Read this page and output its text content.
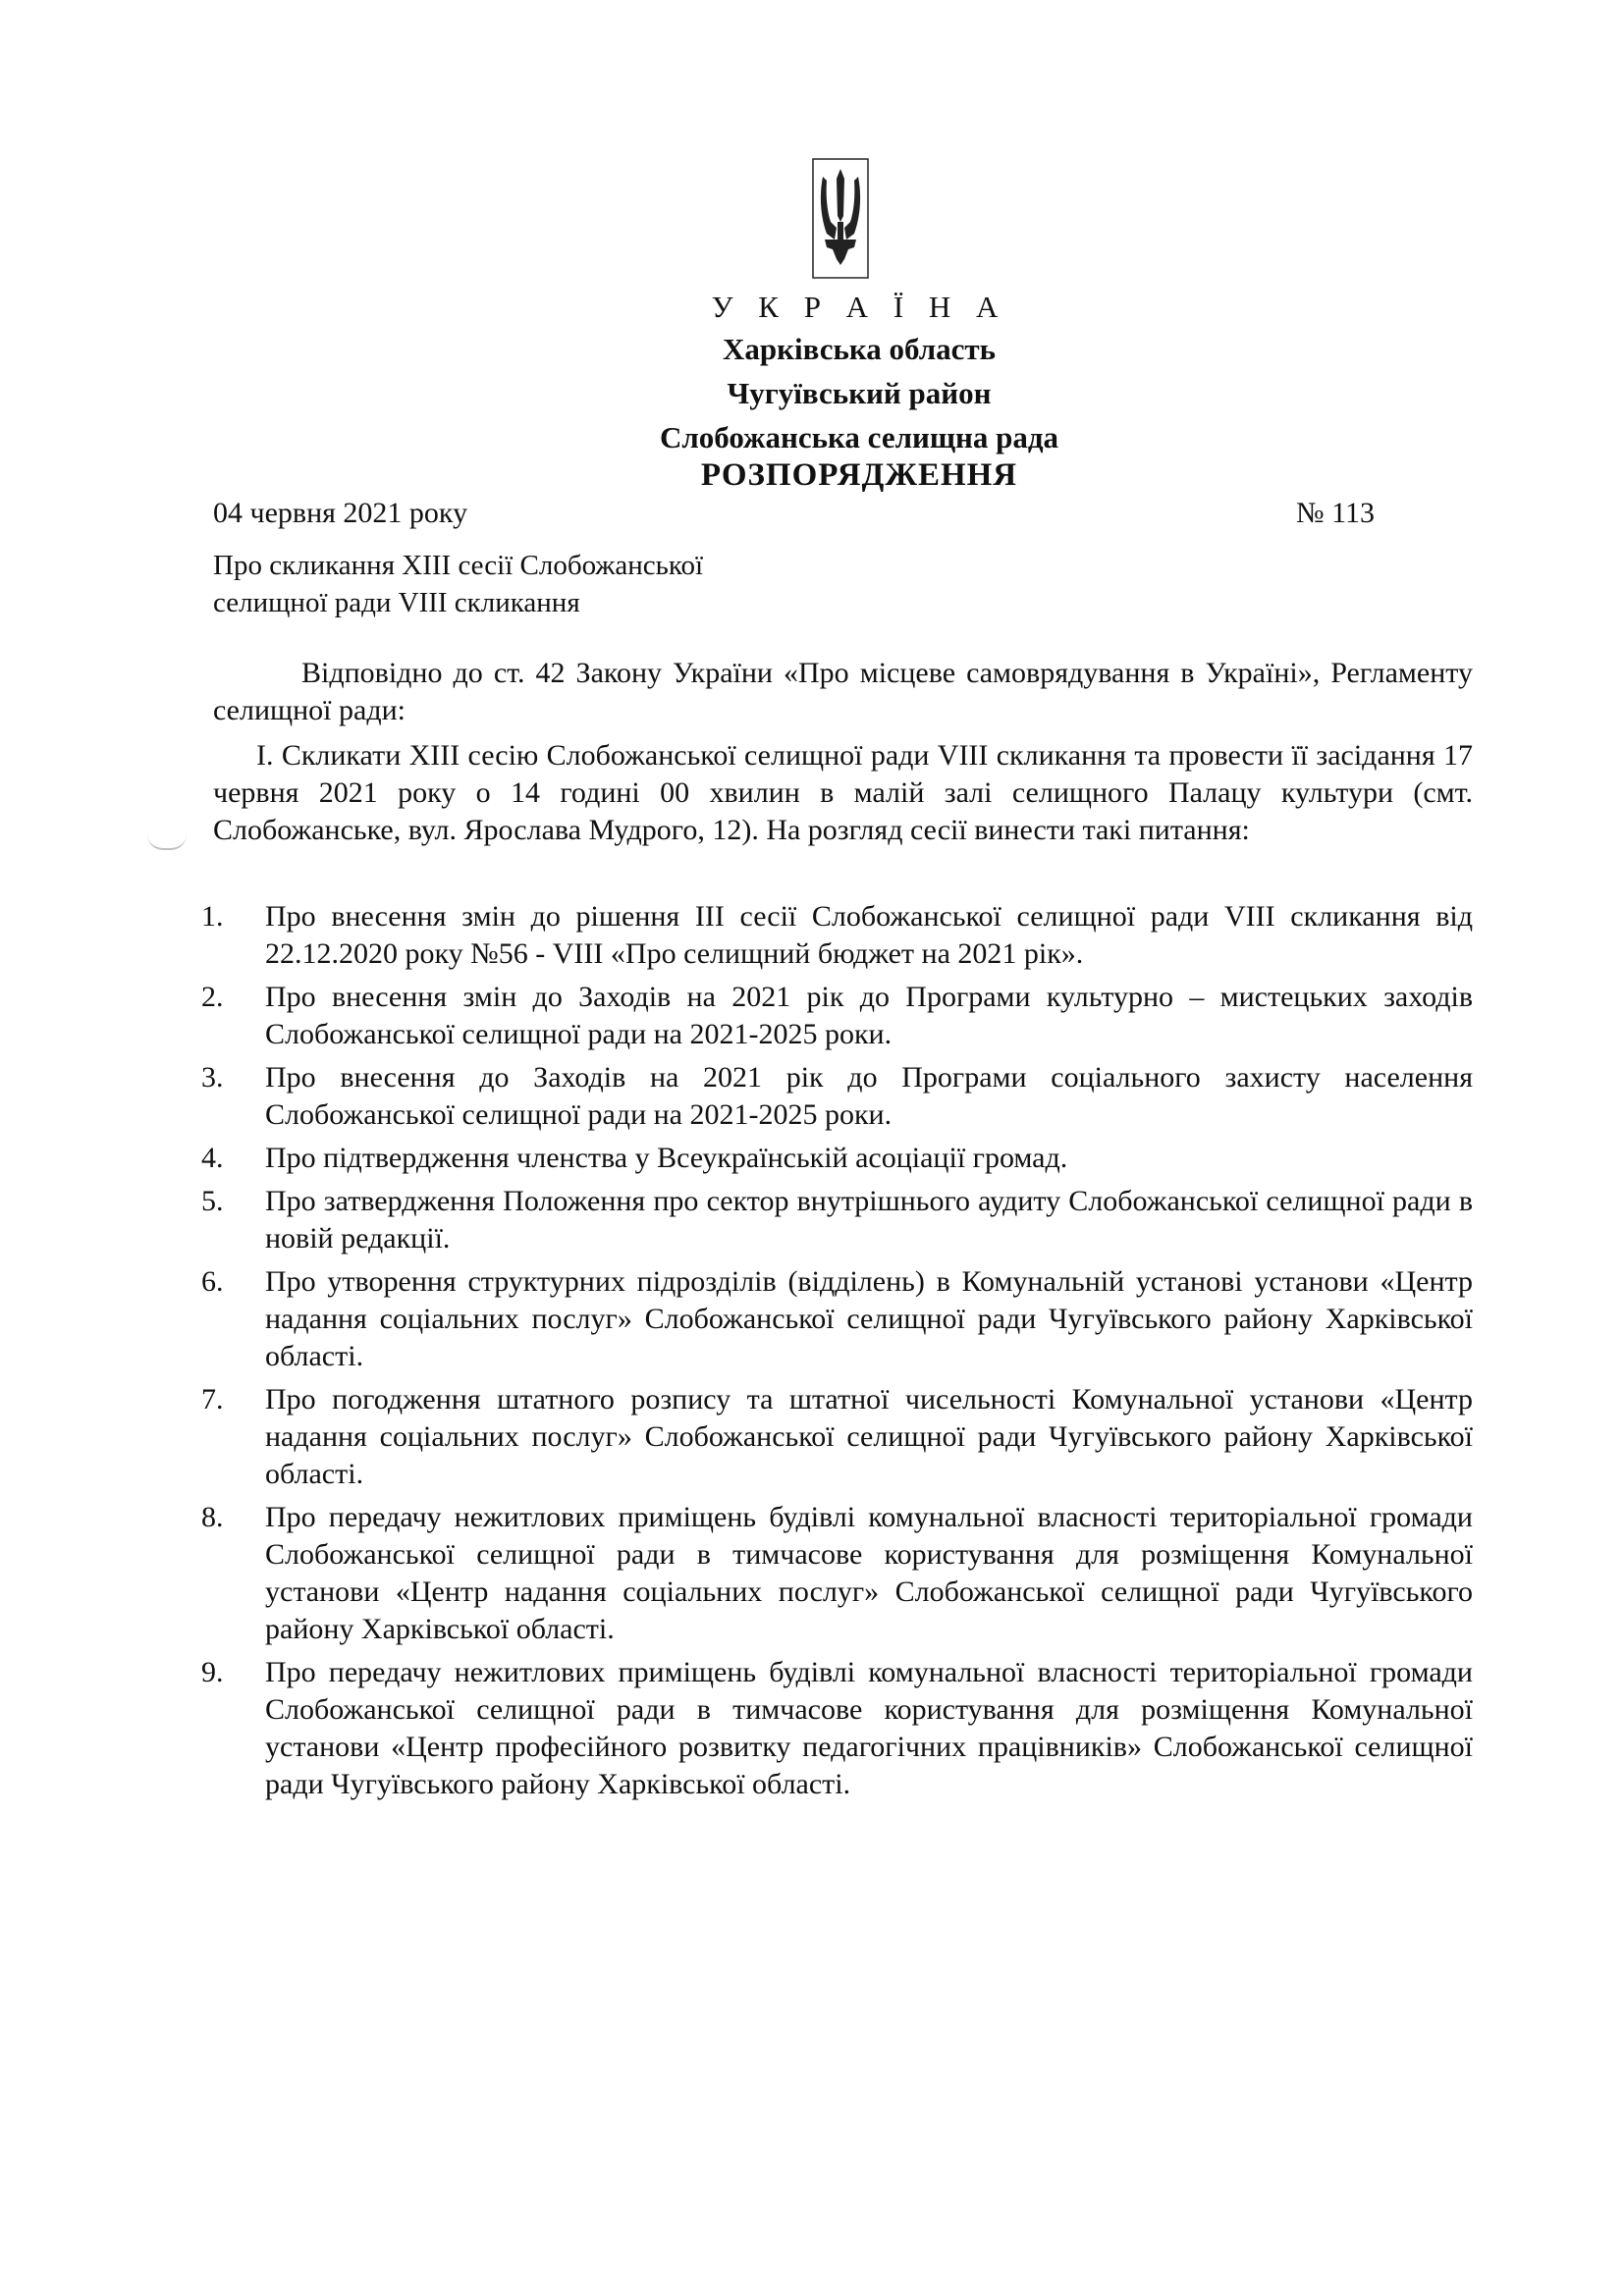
У К Р А Ї Н А
Харківська область
Чугуївський район
Слобожанська селищна рада
РОЗПОРЯДЖЕННЯ
04 червня 2021 року	№ 113
Про скликання XIII сесії Слобожанської
селищної ради VIII скликання
Відповідно до ст. 42 Закону України «Про місцеве самоврядування в Україні», Регламенту селищної ради:
І. Скликати XIII сесію Слобожанської селищної ради VIII скликання та провести її засідання 17 червня 2021 року о 14 годині 00 хвилин в малій залі селищного Палацу культури (смт. Слобожанське, вул. Ярослава Мудрого, 12). На розгляд сесії винести такі питання:
1. Про внесення змін до рішення ІІІ сесії Слобожанської селищної ради VIII скликання від 22.12.2020 року №56 - VIII «Про селищний бюджет на 2021 рік».
2. Про внесення змін до Заходів на 2021 рік до Програми культурно – мистецьких заходів Слобожанської селищної ради на 2021-2025 роки.
3. Про внесення до Заходів на 2021 рік до Програми соціального захисту населення Слобожанської селищної ради на 2021-2025 роки.
4. Про підтвердження членства у Всеукраїнській асоціації громад.
5. Про затвердження Положення про сектор внутрішнього аудиту Слобожанської селищної ради в новій редакції.
6. Про утворення структурних підрозділів (відділень) в Комунальній установі установи «Центр надання соціальних послуг» Слобожанської селищної ради Чугуївського району Харківської області.
7. Про погодження штатного розпису та штатної чисельності Комунальної установи «Центр надання соціальних послуг» Слобожанської селищної ради Чугуївського району Харківської області.
8. Про передачу нежитлових приміщень будівлі комунальної власності територіальної громади Слобожанської селищної ради в тимчасове користування для розміщення Комунальної установи «Центр надання соціальних послуг» Слобожанської селищної ради Чугуївського району Харківської області.
9. Про передачу нежитлових приміщень будівлі комунальної власності територіальної громади Слобожанської селищної ради в тимчасове користування для розміщення Комунальної установи «Центр професійного розвитку педагогічних працівників» Слобожанської селищної ради Чугуївського району Харківської області.
